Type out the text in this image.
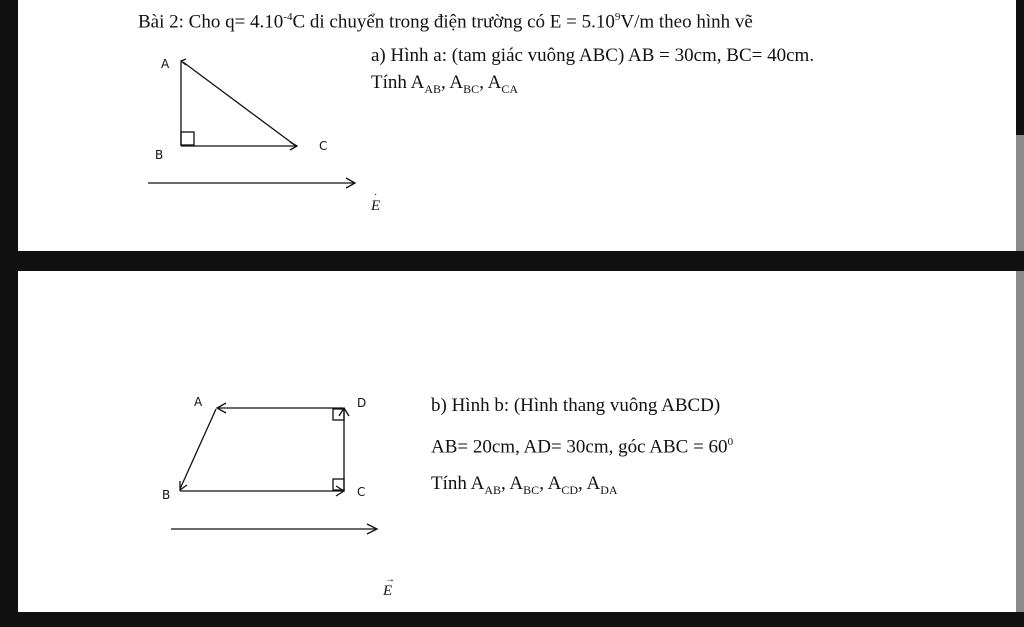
Bài 2: Cho $q= 4.10^{-4}C$ di chuyển trong điện trường có $E = 5.10^9V/m$ theo hình vẽ
a) Hình a: (tam giác vuông ABC) AB = 30cm, BC= 40cm.
Tính $A_{AB}$, $A_{BC}$, $A_{CA}$
A
B
C
·
E
A	D
B	C
→
E
b) Hình b: (Hình thang vuông ABCD)
AB= 20cm, AD= 30cm, góc ABC = $60^0$
Tính $A_{AB}$, $A_{BC}$, $A_{CD}$, $A_{DA}$
